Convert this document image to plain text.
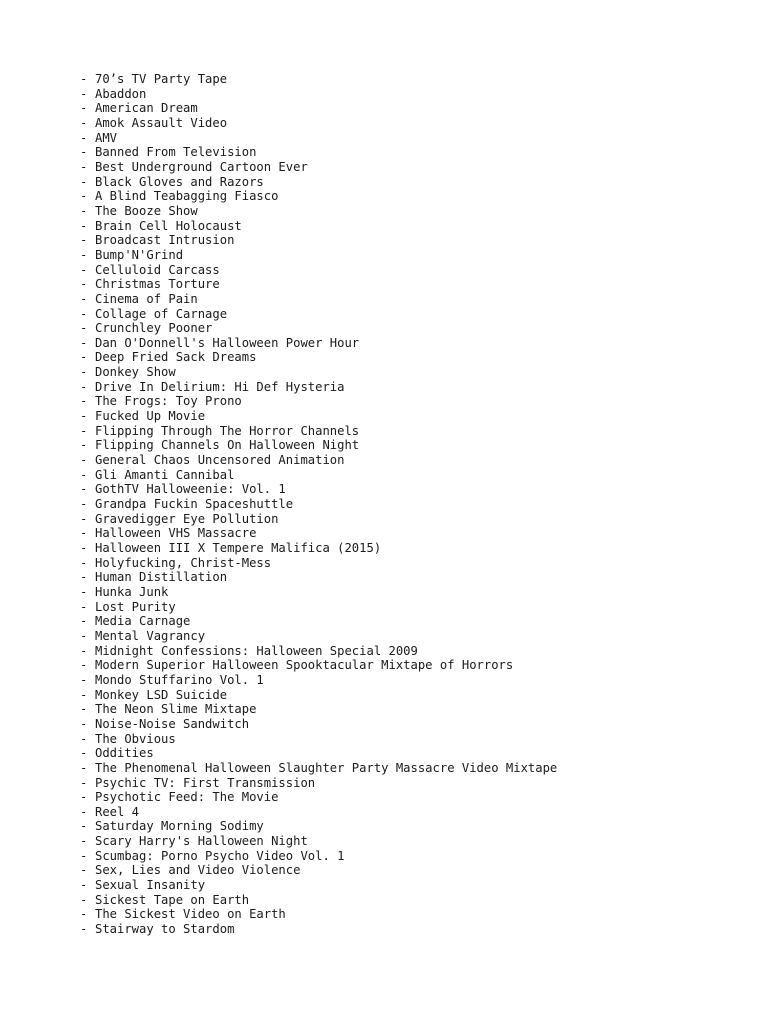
- 70’s TV Party Tape
- Abaddon
- American Dream
- Amok Assault Video
- AMV
- Banned From Television
- Best Underground Cartoon Ever
- Black Gloves and Razors
- A Blind Teabagging Fiasco
- The Booze Show
- Brain Cell Holocaust
- Broadcast Intrusion
- Bump'N'Grind
- Celluloid Carcass
- Christmas Torture
- Cinema of Pain
- Collage of Carnage
- Crunchley Pooner
- Dan O'Donnell's Halloween Power Hour
- Deep Fried Sack Dreams
- Donkey Show
- Drive In Delirium: Hi Def Hysteria
- The Frogs: Toy Prono
- Fucked Up Movie
- Flipping Through The Horror Channels
- Flipping Channels On Halloween Night
- General Chaos Uncensored Animation
- Gli Amanti Cannibal
- GothTV Halloweenie: Vol. 1
- Grandpa Fuckin Spaceshuttle
- Gravedigger Eye Pollution
- Halloween VHS Massacre
- Halloween III X Tempere Malifica (2015)
- Holyfucking, Christ-Mess
- Human Distillation
- Hunka Junk
- Lost Purity
- Media Carnage
- Mental Vagrancy
- Midnight Confessions: Halloween Special 2009
- Modern Superior Halloween Spooktacular Mixtape of Horrors
- Mondo Stuffarino Vol. 1
- Monkey LSD Suicide
- The Neon Slime Mixtape
- Noise-Noise Sandwitch
- The Obvious
- Oddities
- The Phenomenal Halloween Slaughter Party Massacre Video Mixtape
- Psychic TV: First Transmission
- Psychotic Feed: The Movie
- Reel 4
- Saturday Morning Sodimy
- Scary Harry's Halloween Night
- Scumbag: Porno Psycho Video Vol. 1
- Sex, Lies and Video Violence
- Sexual Insanity
- Sickest Tape on Earth
- The Sickest Video on Earth
- Stairway to Stardom
